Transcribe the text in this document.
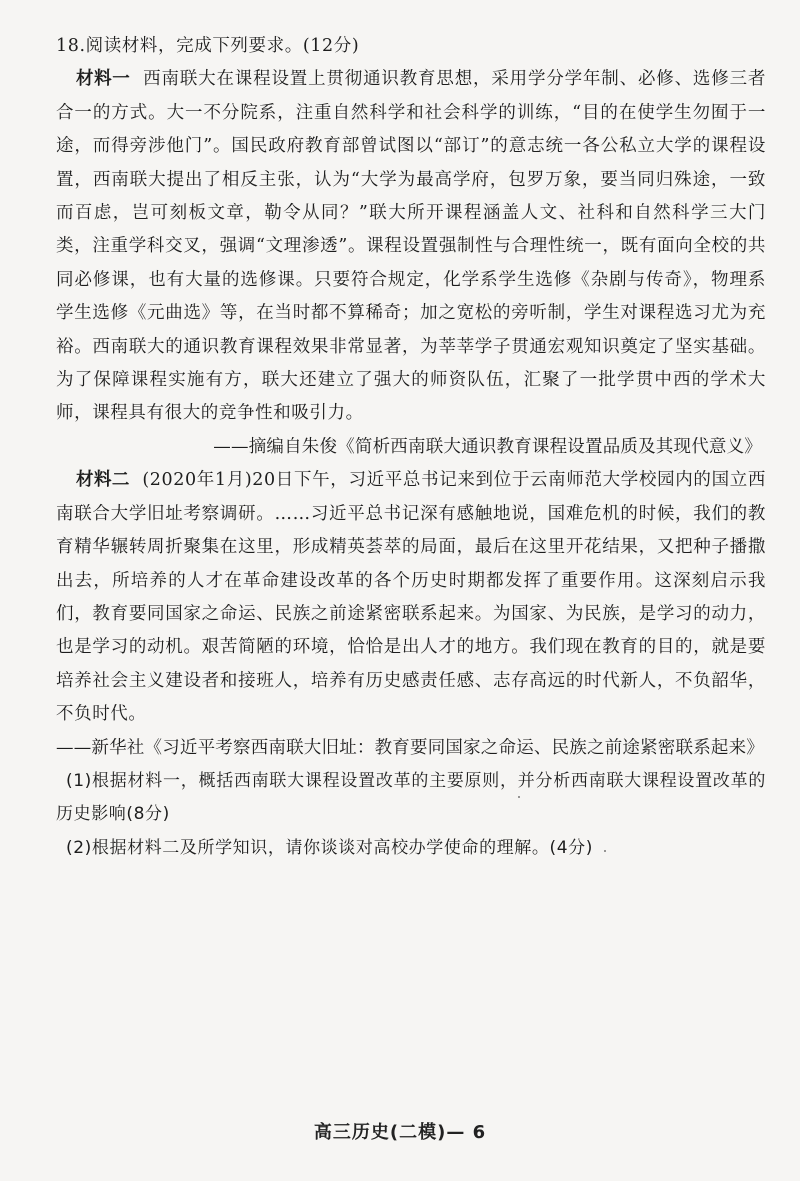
18.阅读材料，完成下列要求。(12分)

材料一 西南联大在课程设置上贯彻通识教育思想，采用学分学年制、必修、选修三者合一的方式。大一不分院系，注重自然科学和社会科学的训练，“目的在使学生勿囿于一途，而得旁涉他门”。国民政府教育部曾试图以“部订”的意志统一各公私立大学的课程设置，西南联大提出了相反主张，认为“大学为最高学府，包罗万象，要当同归殊途，一致而百虑，岂可刻板文章，勒令从同？”联大所开课程涵盖人文、社科和自然科学三大门类，注重学科交叉，强调“文理渗透”。课程设置强制性与合理性统一，既有面向全校的共同必修课，也有大量的选修课。只要符合规定，化学系学生选修《杂剧与传奇》，物理系学生选修《元曲选》等，在当时都不算稀奇；加之宽松的旁听制，学生对课程选习尤为充裕。西南联大的通识教育课程效果非常显著，为莘莘学子贯通宏观知识奠定了坚实基础。为了保障课程实施有方，联大还建立了强大的师资队伍，汇聚了一批学贯中西的学术大师，课程具有很大的竞争性和吸引力。

——摘编自朱俊《简析西南联大通识教育课程设置品质及其现代意义》

材料二 (2020年1月)20日下午，习近平总书记来到位于云南师范大学校园内的国立西南联合大学旧址考察调研。……习近平总书记深有感触地说，国难危机的时候，我们的教育精华辗转周折聚集在这里，形成精英荟萃的局面，最后在这里开花结果，又把种子播撒出去，所培养的人才在革命建设改革的各个历史时期都发挥了重要作用。这深刻启示我们，教育要同国家之命运、民族之前途紧密联系起来。为国家、为民族，是学习的动力，也是学习的动机。艰苦简陋的环境，恰恰是出人才的地方。我们现在教育的目的，就是要培养社会主义建设者和接班人，培养有历史感责任感、志存高远的时代新人，不负韶华，不负时代。

——新华社《习近平考察西南联大旧址：教育要同国家之命运、民族之前途紧密联系起来》

(1)根据材料一，概括西南联大课程设置改革的主要原则，并分析西南联大课程设置改革的历史影响(8分)

(2)根据材料二及所学知识，请你谈谈对高校办学使命的理解。(4分)

高三历史(二模)— 6
